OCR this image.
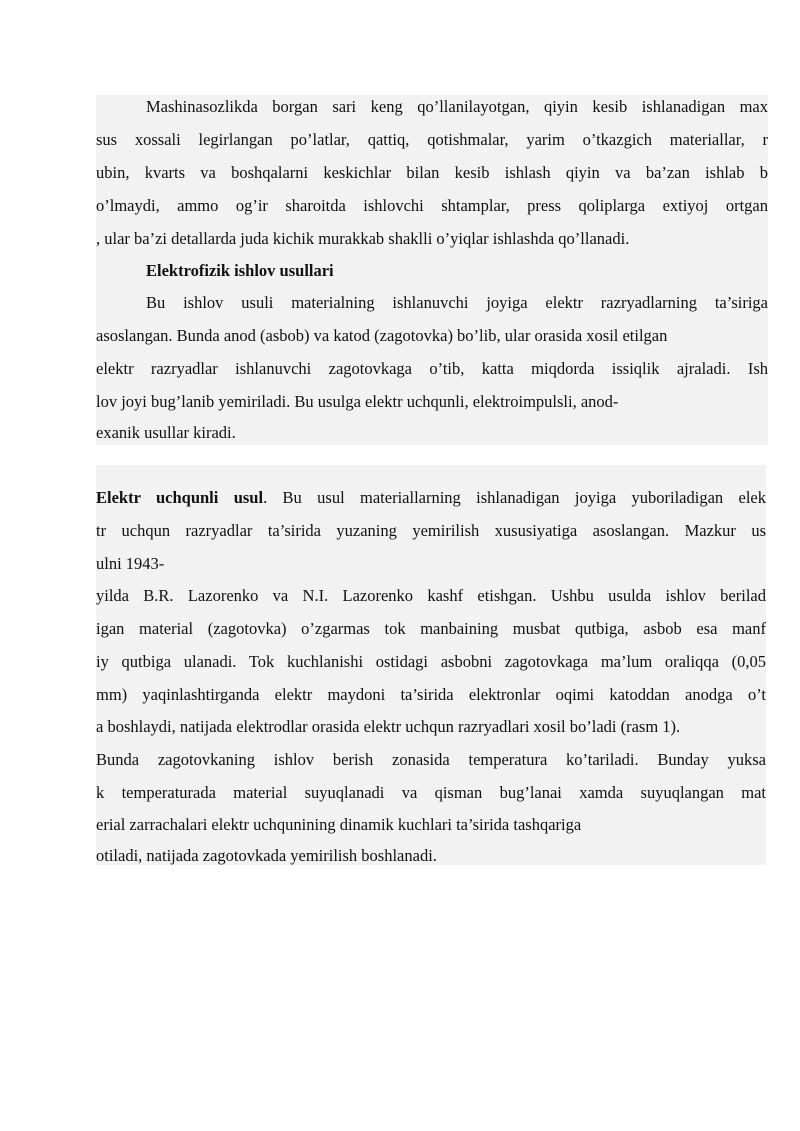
Mashinasozlikda borgan sari keng qo’llanilayotgan, qiyin kesib ishlanadigan max
sus xossali legirlangan po’latlar, qattiq, qotishmalar, yarim o’tkazgich materiallar, r
ubin, kvarts va boshqalarni keskichlar bilan kesib ishlash qiyin va ba’zan ishlab b
o’lmaydi, ammo og’ir sharoitda ishlovchi shtamplar, press qoliplarga extiyoj ortgan
, ular ba’zi detallarda juda kichik murakkab shaklli o’yiqlar ishlashda qo’llanadi.
Elektrofizik ishlov usullari
Bu ishlov usuli materialning ishlanuvchi joyiga elektr razryadlarning ta’siriga
asoslangan. Bunda anod (asbob) va katod (zagotovka) bo’lib, ular orasida xosil etilgan
elektr razryadlar ishlanuvchi zagotovkaga o’tib, katta miqdorda issiqlik ajraladi. Ish
lov joyi bug’lanib yemiriladi. Bu usulga elektr uchqunli, elektroimpulsli, anod-
exanik usullar kiradi.
Elektr uchqunli usul. Bu usul materiallarning ishlanadigan joyiga yuboriladigan elek
tr uchqun razryadlar ta’sirida yuzaning yemirilish xususiyatiga asoslangan. Mazkur us
ulni 1943-
yilda B.R. Lazorenko va N.I. Lazorenko kashf etishgan. Ushbu usulda ishlov berilad
igan material (zagotovka) o’zgarmas tok manbaining musbat qutbiga, asbob esa manf
iy qutbiga ulanadi. Tok kuchlanishi ostidagi asbobni zagotovkaga ma’lum oraliqqa (0,05
mm) yaqinlashtirganda elektr maydoni ta’sirida elektronlar oqimi katoddan anodga o’t
a boshlaydi, natijada elektrodlar orasida elektr uchqun razryadlari xosil bo’ladi (rasm 1).
Bunda zagotovkaning ishlov berish zonasida temperatura ko’tariladi. Bunday yuksa
k temperaturada material suyuqlanadi va qisman bug’lanai xamda suyuqlangan mat
erial zarrachalari elektr uchqunining dinamik kuchlari ta’sirida tashqariga
otiladi, natijada zagotovkada yemirilish boshlanadi.
